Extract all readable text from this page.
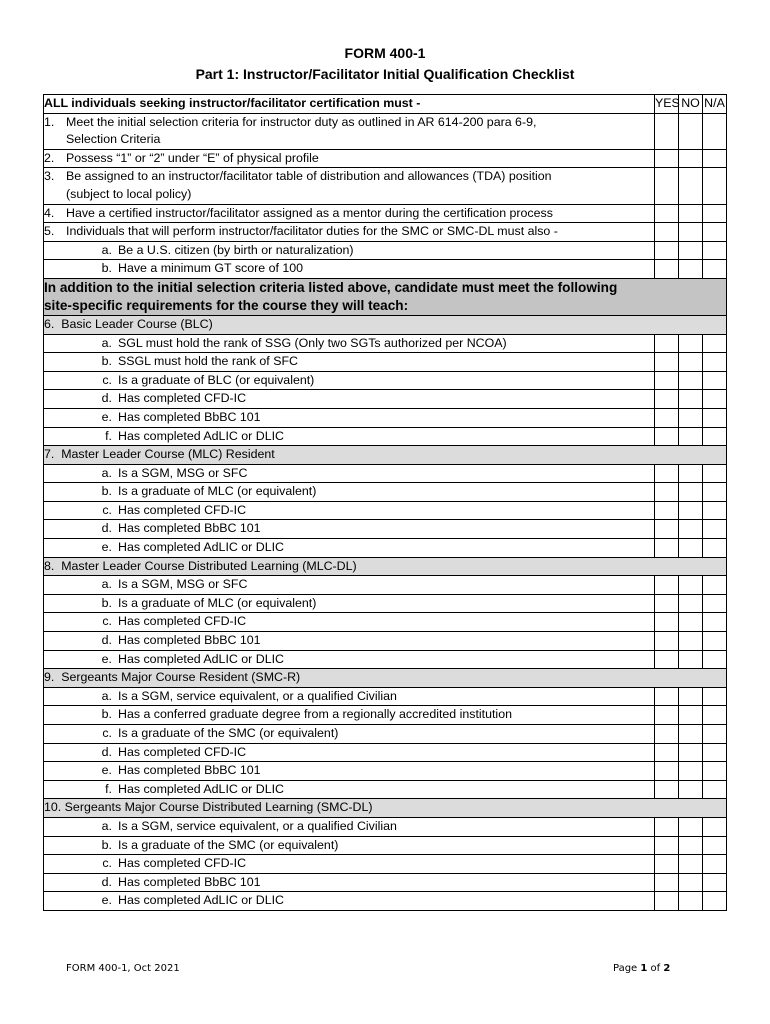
FORM 400-1
Part 1: Instructor/Facilitator Initial Qualification Checklist
ALL individuals seeking instructor/facilitator certification must -	YES	NO	N/A
1. Meet the initial selection criteria for instructor duty as outlined in AR 614-200 para 6-9,
Selection Criteria			

2. Possess “1” or “2” under “E” of physical profile			
3. Be assigned to an instructor/facilitator table of distribution and allowances (TDA) position
(subject to local policy)			

4. Have a certified instructor/facilitator assigned as a mentor during the certification process			
5. Individuals that will perform instructor/facilitator duties for the SMC or SMC-DL must also -			
a. Be a U.S. citizen (by birth or naturalization)			
b. Have a minimum GT score of 100			

In addition to the initial selection criteria listed above, candidate must meet the following
site-specific requirements for the course they will teach:			

6.  Basic Leader Course (BLC)			
a. SGL must hold the rank of SSG (Only two SGTs authorized per NCOA)			
b. SSGL must hold the rank of SFC			
c. Is a graduate of BLC (or equivalent)			
d. Has completed CFD-IC			
e. Has completed BbBC 101			
f. Has completed AdLIC or DLIC			
7.  Master Leader Course (MLC) Resident			
a. Is a SGM, MSG or SFC			
b. Is a graduate of MLC (or equivalent)			
c. Has completed CFD-IC			
d. Has completed BbBC 101			
e. Has completed AdLIC or DLIC			
8.  Master Leader Course Distributed Learning (MLC-DL)			
a. Is a SGM, MSG or SFC			
b. Is a graduate of MLC (or equivalent)			
c. Has completed CFD-IC			
d. Has completed BbBC 101			
e. Has completed AdLIC or DLIC			
9.  Sergeants Major Course Resident (SMC-R)			
a. Is a SGM, service equivalent, or a qualified Civilian			
b. Has a conferred graduate degree from a regionally accredited institution			
c. Is a graduate of the SMC (or equivalent)			
d. Has completed CFD-IC			
e. Has completed BbBC 101			
f. Has completed AdLIC or DLIC			
10. Sergeants Major Course Distributed Learning (SMC-DL)			
a. Is a SGM, service equivalent, or a qualified Civilian			
b. Is a graduate of the SMC (or equivalent)			
c. Has completed CFD-IC			
d. Has completed BbBC 101			
e. Has completed AdLIC or DLIC			
FORM 400-1, Oct 2021	Page 1 of 2
